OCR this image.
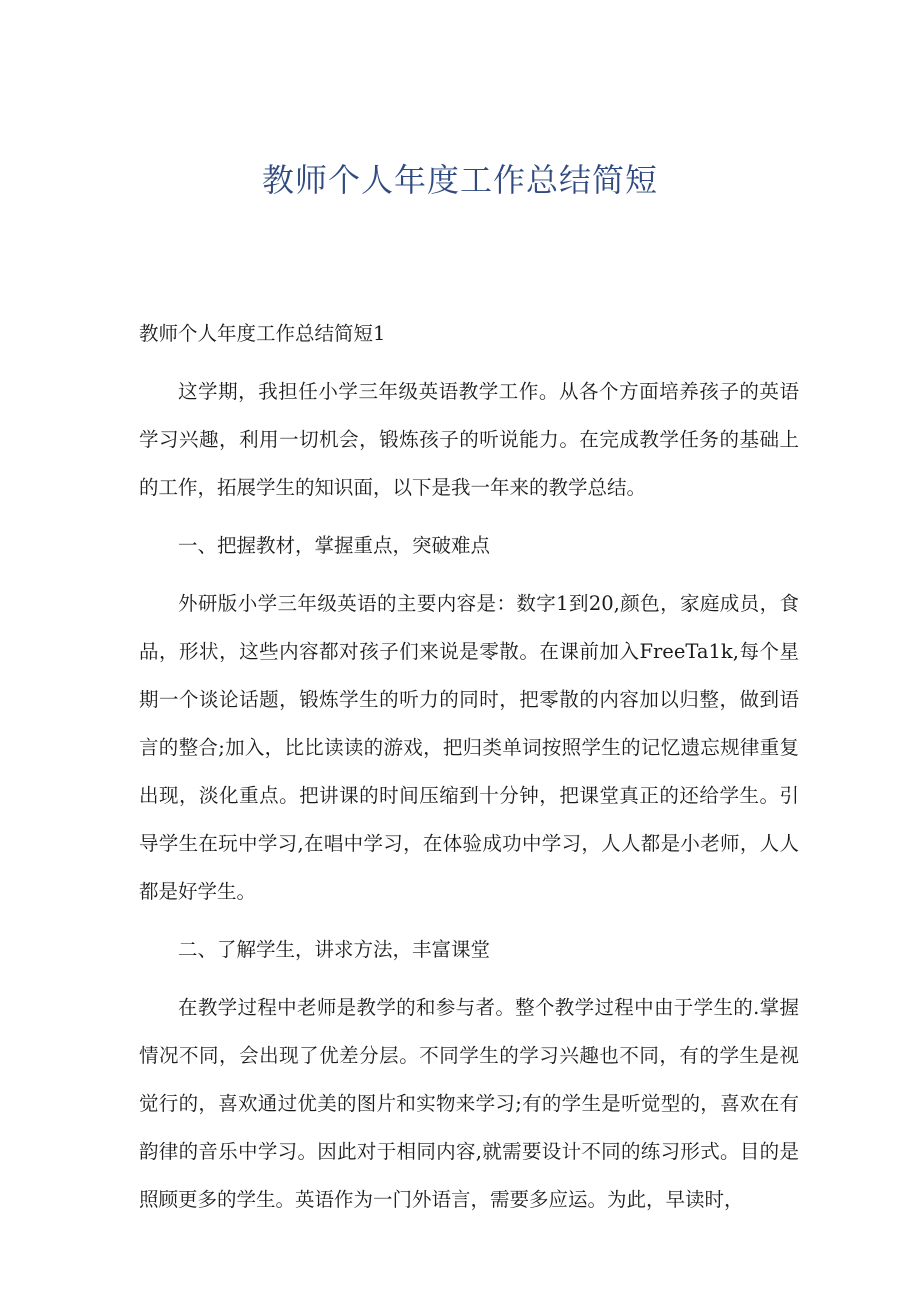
教师个人年度工作总结简短

教师个人年度工作总结简短1

这学期，我担任小学三年级英语教学工作。从各个方面培养孩子的英语学习兴趣，利用一切机会，锻炼孩子的听说能力。在完成教学任务的基础上的工作，拓展学生的知识面，以下是我一年来的教学总结。

一、把握教材，掌握重点，突破难点

外研版小学三年级英语的主要内容是：数字1到20,颜色，家庭成员，食品，形状，这些内容都对孩子们来说是零散。在课前加入FreeTa1k,每个星期一个谈论话题，锻炼学生的听力的同时，把零散的内容加以归整，做到语言的整合;加入，比比读读的游戏，把归类单词按照学生的记忆遗忘规律重复出现，淡化重点。把讲课的时间压缩到十分钟，把课堂真正的还给学生。引导学生在玩中学习,在唱中学习，在体验成功中学习，人人都是小老师，人人都是好学生。

二、了解学生，讲求方法，丰富课堂

在教学过程中老师是教学的和参与者。整个教学过程中由于学生的.掌握情况不同，会出现了优差分层。不同学生的学习兴趣也不同，有的学生是视觉行的，喜欢通过优美的图片和实物来学习;有的学生是听觉型的，喜欢在有韵律的音乐中学习。因此对于相同内容,就需要设计不同的练习形式。目的是照顾更多的学生。英语作为一门外语言，需要多应运。为此，早读时，
